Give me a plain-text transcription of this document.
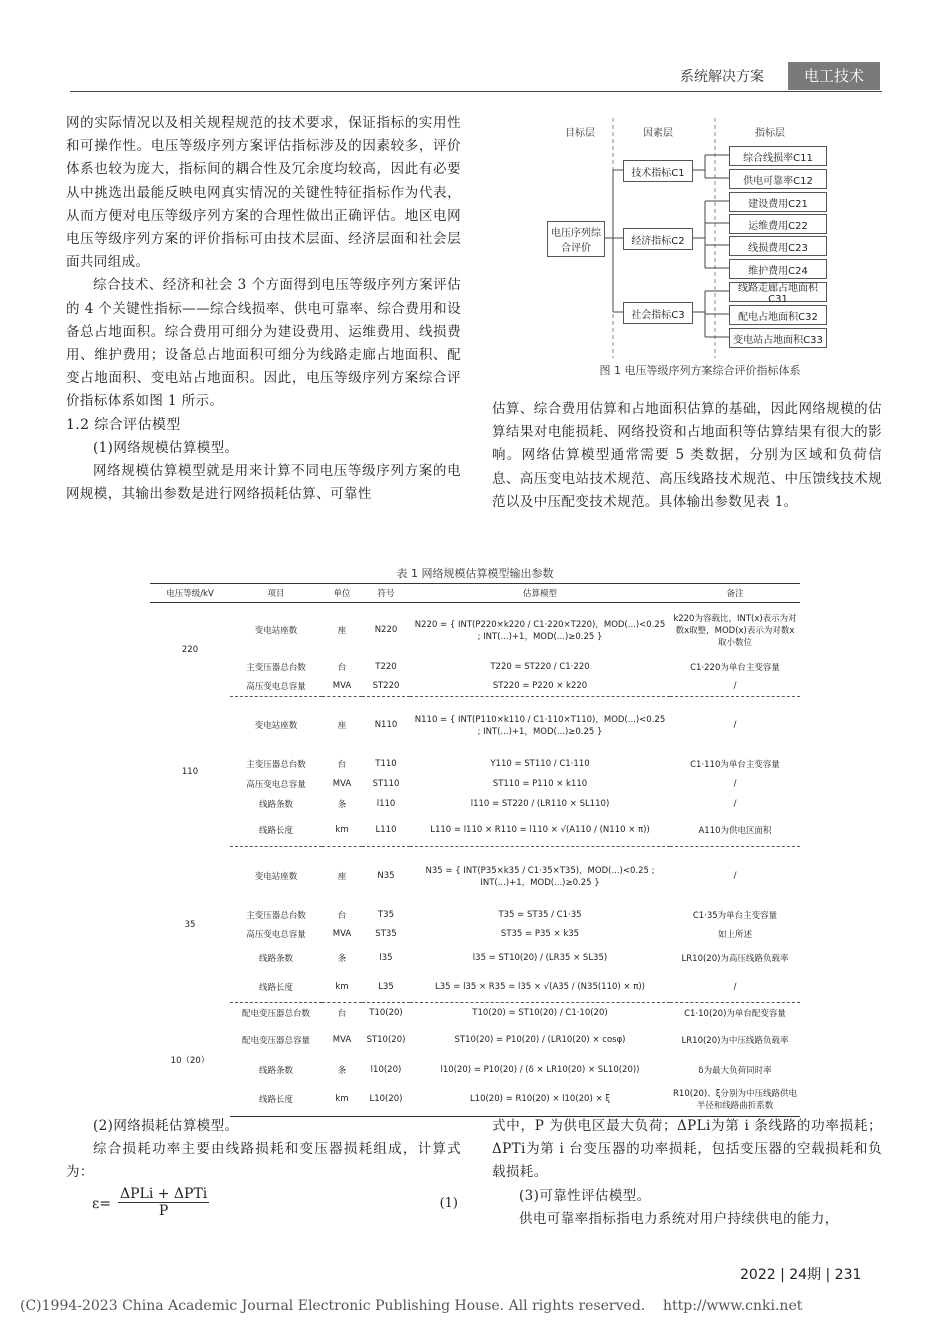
系统解决方案	电工技术

网的实际情况以及相关规程规范的技术要求，保证指标的实用性和可操作性。电压等级序列方案评估指标涉及的因素较多，评价体系也较为庞大，指标间的耦合性及冗余度均较高，因此有必要从中挑选出最能反映电网真实情况的关键性特征指标作为代表，从而方便对电压等级序列方案的合理性做出正确评估。地区电网电压等级序列方案的评价指标可由技术层面、经济层面和社会层面共同组成。

综合技术、经济和社会 3 个方面得到电压等级序列方案评估的 4 个关键性指标——综合线损率、供电可靠率、综合费用和设备总占地面积。综合费用可细分为建设费用、运维费用、线损费用、维护费用；设备总占地面积可细分为线路走廊占地面积、配变占地面积、变电站占地面积。因此，电压等级序列方案综合评价指标体系如图 1 所示。

1.2 综合评估模型

(1)网络规模估算模型。

网络规模估算模型就是用来计算不同电压等级序列方案的电网规模，其输出参数是进行网络损耗估算、可靠性

目标层	因素层	指标层
电压序列综合评价
技术指标C1
经济指标C2
社会指标C3
综合线损率C11
供电可靠率C12
建设费用C21
运维费用C22
线损费用C23
维护费用C24
线路走廊占地面积C31
配电占地面积C32
变电站占地面积C33
图 1 电压等级序列方案综合评价指标体系

估算、综合费用估算和占地面积估算的基础，因此网络规模的估算结果对电能损耗、网络投资和占地面积等估算结果有很大的影响。网络估算模型通常需要 5 类数据，分别为区域和负荷信息、高压变电站技术规范、高压线路技术规范、中压馈线技术规范以及中压配变技术规范。具体输出参数见表 1。

表 1 网络规模估算模型输出参数
电压等级/kV	项目	单位	符号	估算模型	备注
220	变电站座数	座	N220	N220 = { INT(P220×k220 / C1·220×T220)，MOD(...)<0.25 ; INT(...)+1，MOD(...)≥0.25 }	k220为容载比，INT(x)表示为对数x取整，MOD(x)表示为对数x取小数位
	主变压器总台数	台	T220	T220 = ST220 / C1·220	C1·220为单台主变容量
	高压变电总容量	MVA	ST220	ST220 = P220 × k220	/
110	变电站座数	座	N110	N110 = { INT(P110×k110 / C1·110×T110)，MOD(...)<0.25 ; INT(...)+1，MOD(...)≥0.25 }	/
	主变压器总台数	台	T110	Y110 = ST110 / C1·110	C1·110为单台主变容量
	高压变电总容量	MVA	ST110	ST110 = P110 × k110	/
	线路条数	条	l110	l110 = ST220 / (LR110 × SL110)	/
	线路长度	km	L110	L110 = l110 × R110 = l110 × √(A110 / (N110 × π))	A110为供电区面积
35	变电站座数	座	N35	N35 = { INT(P35×k35 / C1·35×T35)，MOD(...)<0.25 ; INT(...)+1，MOD(...)≥0.25 }	/
	主变压器总台数	台	T35	T35 = ST35 / C1·35	C1·35为单台主变容量
	高压变电总容量	MVA	ST35	ST35 = P35 × k35	如上所述
	线路条数	条	l35	l35 = ST10(20) / (LR35 × SL35)	LR10(20)为高压线路负载率
	线路长度	km	L35	L35 = l35 × R35 = l35 × √(A35 / (N35(110) × π))	/
10（20）	配电变压器总台数	台	T10(20)	T10(20) = ST10(20) / C1·10(20)	C1·10(20)为单台配变容量
	配电变压器总容量	MVA	ST10(20)	ST10(20) = P10(20) / (LR10(20) × cosφ)	LR10(20)为中压线路负载率
	线路条数	条	l10(20)	l10(20) = P10(20) / (δ × LR10(20) × SL10(20))	δ为最大负荷同时率
	线路长度	km	L10(20)	L10(20) = R10(20) × l10(20) × ξ	R10(20)、ξ分别为中压线路供电半径和线路曲折系数

(2)网络损耗估算模型。

综合损耗功率主要由线路损耗和变压器损耗组成，计算式为：

ε=
ΔPLi + ΔPTi
P	(1)

式中，P 为供电区最大负荷；ΔPLi为第 i 条线路的功率损耗；ΔPTi为第 i 台变压器的功率损耗，包括变压器的空载损耗和负载损耗。

(3)可靠性评估模型。

供电可靠率指标指电力系统对用户持续供电的能力，

2022 | 24期 | 231
(C)1994-2023 China Academic Journal Electronic Publishing House. All rights reserved.    http://www.cnki.net
